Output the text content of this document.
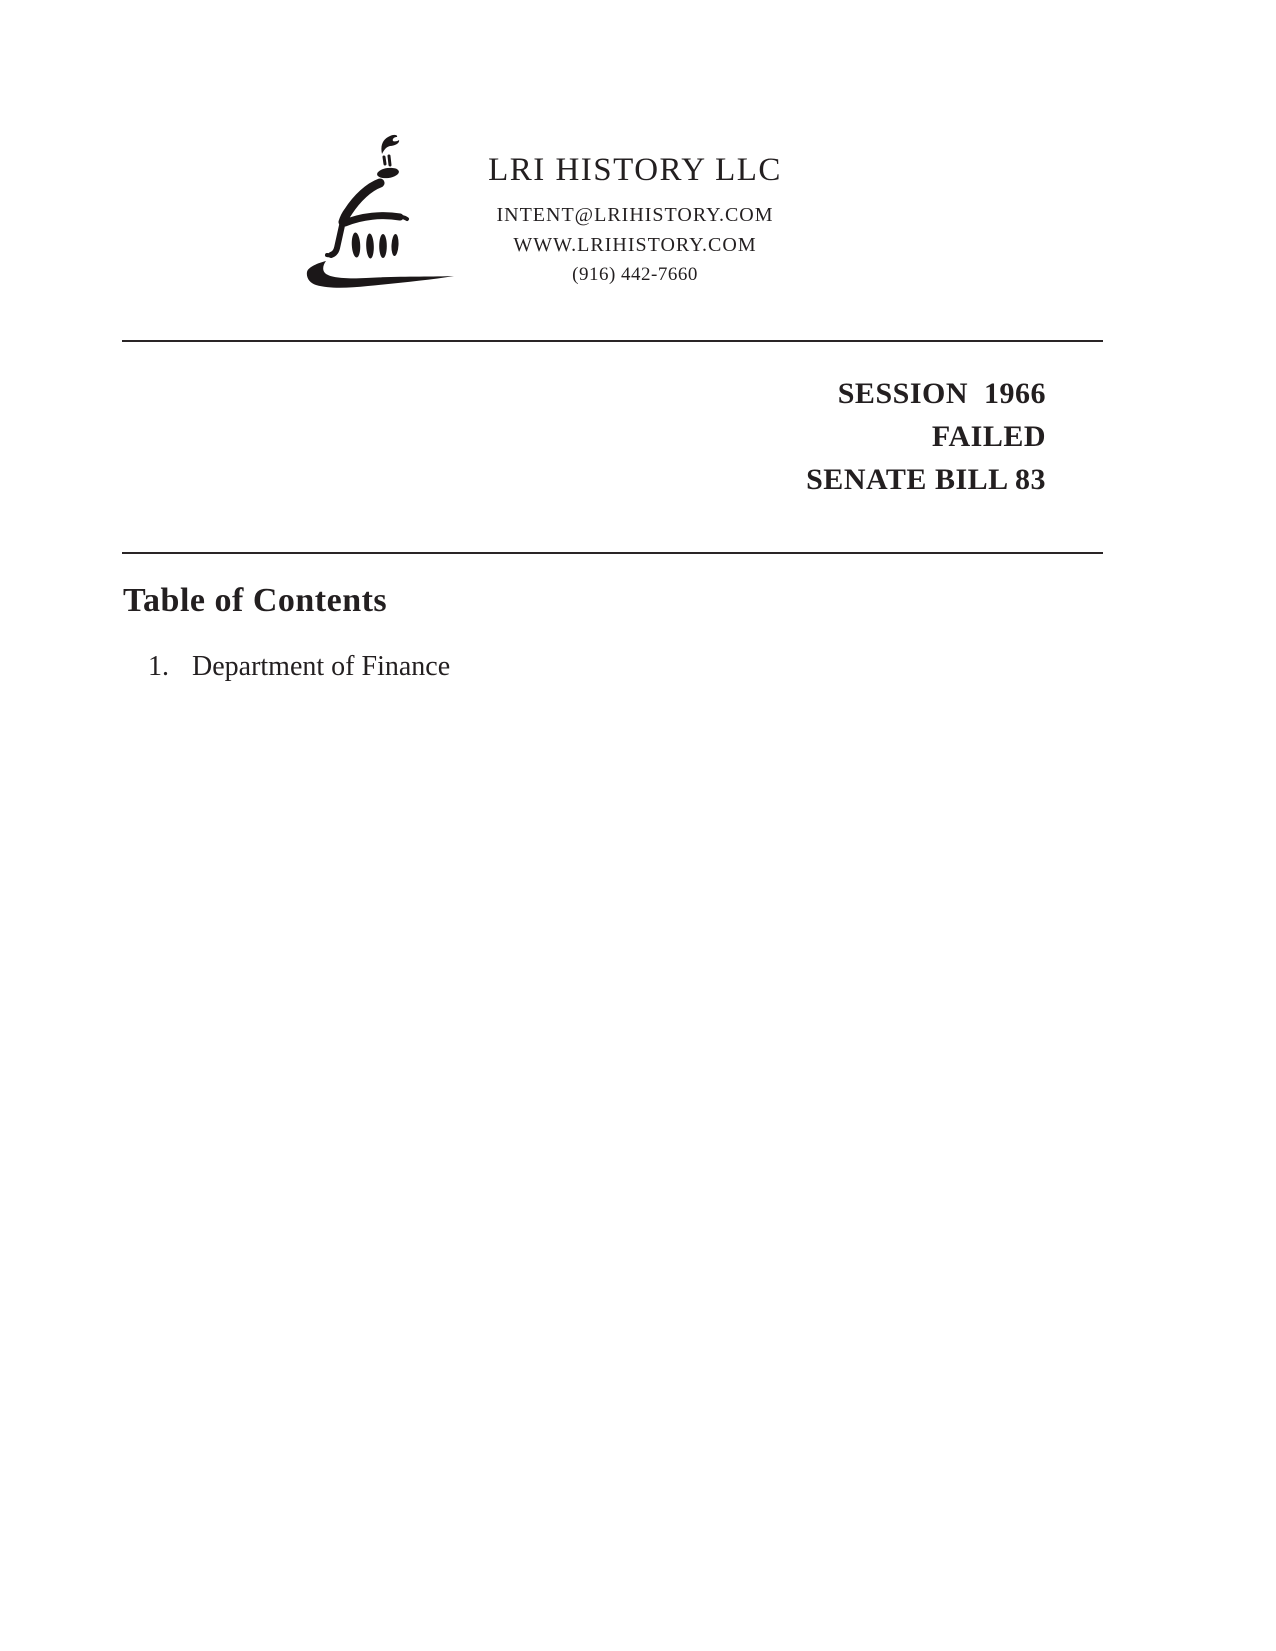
LRI HISTORY LLC
INTENT@LRIHISTORY.COM
WWW.LRIHISTORY.COM
(916) 442-7660
SESSION  1966
FAILED
SENATE BILL 83
Table of Contents
1. Department of Finance
